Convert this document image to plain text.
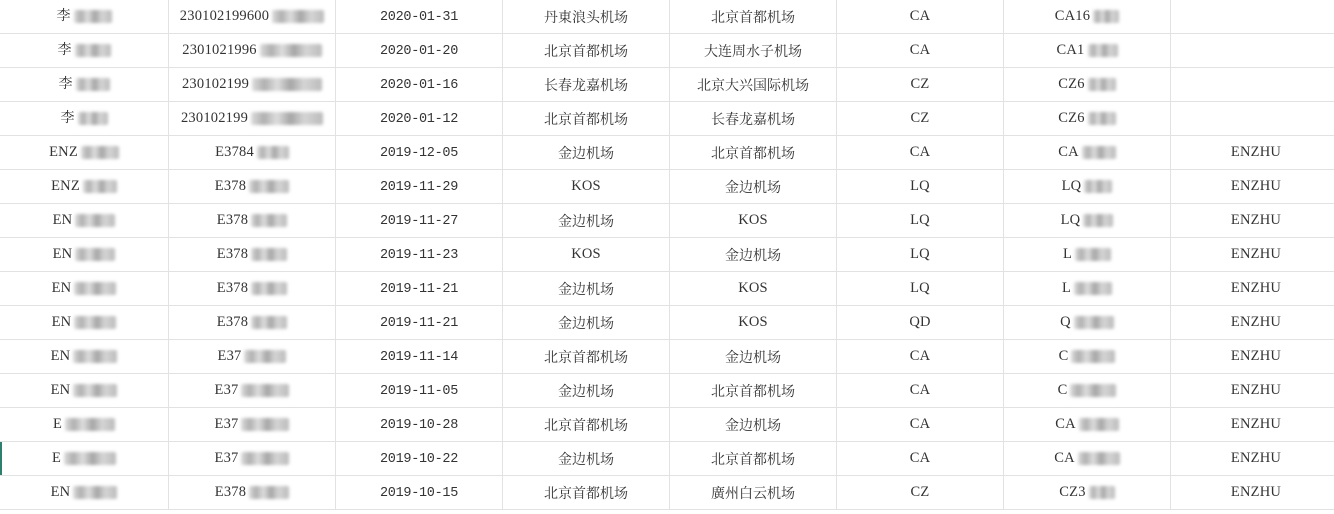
李	230102199600	2020-01-31	丹東浪头机场	北京首都机场	CA	CA16	

李	2301021996	2020-01-20	北京首都机场	大连周水子机场	CA	CA1	

李	230102199	2020-01-16	长春龙嘉机场	北京大兴国际机场	CZ	CZ6	

李	230102199	2020-01-12	北京首都机场	长春龙嘉机场	CZ	CZ6	

ENZ	E3784	2019-12-05	金边机场	北京首都机场	CA	CA	ENZHU

ENZ	E378	2019-11-29	KOS	金边机场	LQ	LQ	ENZHU

EN	E378	2019-11-27	金边机场	KOS	LQ	LQ	ENZHU

EN	E378	2019-11-23	KOS	金边机场	LQ	L	ENZHU

EN	E378	2019-11-21	金边机场	KOS	LQ	L	ENZHU

EN	E378	2019-11-21	金边机场	KOS	QD	Q	ENZHU

EN	E37	2019-11-14	北京首都机场	金边机场	CA	C	ENZHU

EN	E37	2019-11-05	金边机场	北京首都机场	CA	C	ENZHU

E	E37	2019-10-28	北京首都机场	金边机场	CA	CA	ENZHU

E	E37	2019-10-22	金边机场	北京首都机场	CA	CA	ENZHU

EN	E378	2019-10-15	北京首都机场	廣州白云机场	CZ	CZ3	ENZHU
